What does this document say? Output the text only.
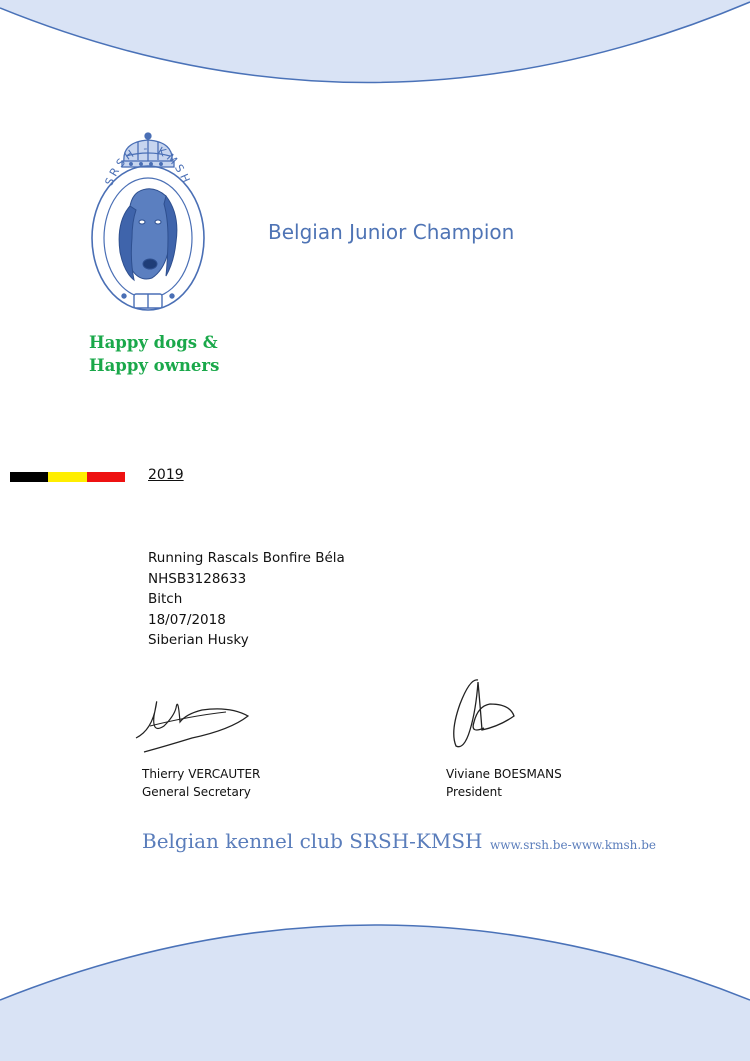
SRSH - KMSH
Belgian Junior Champion
Happy dogs &
Happy owners
2019
Running Rascals Bonfire Béla
NHSB3128633
Bitch
18/07/2018
Siberian Husky
Thierry VERCAUTER
General Secretary
Viviane BOESMANS
President
Belgian kennel club SRSH-KMSH www.srsh.be-www.kmsh.be
